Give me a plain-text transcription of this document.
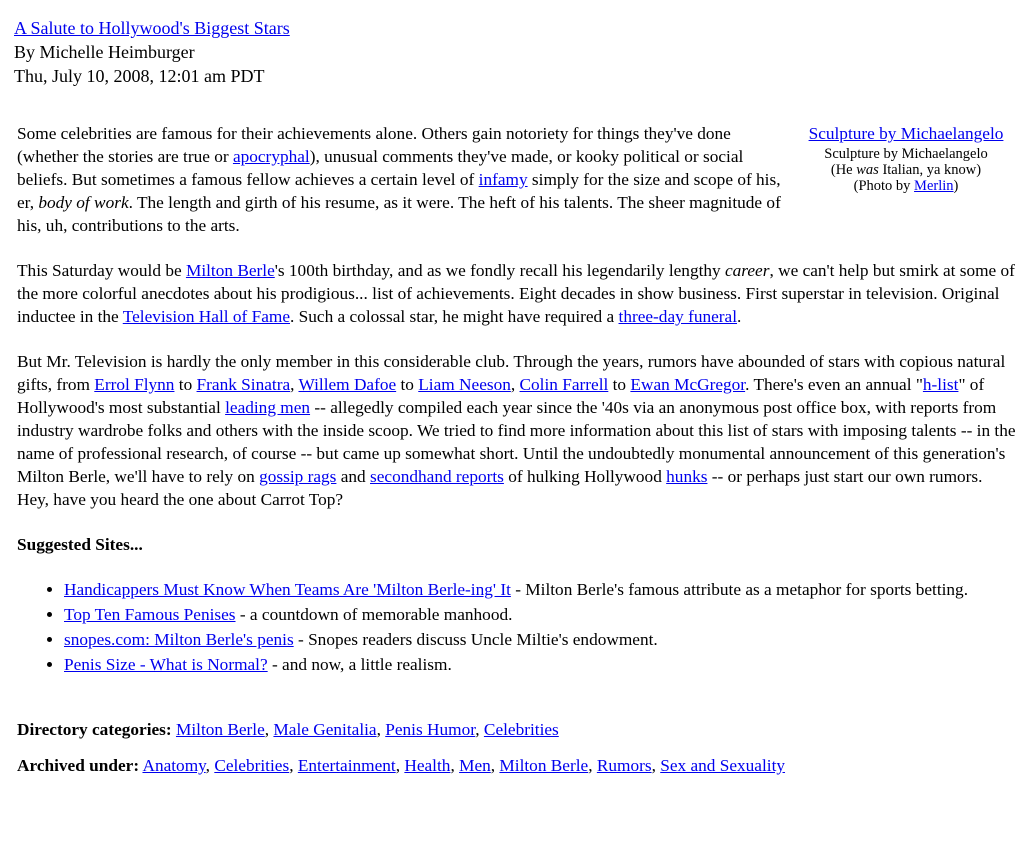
A Salute to Hollywood's Biggest Stars
By Michelle Heimburger
Thu, July 10, 2008, 12:01 am PDT
Sculpture by Michaelangelo
Sculpture by Michaelangelo
(He was Italian, ya know)
(Photo by Merlin)

Some celebrities are famous for their achievements alone. Others gain notoriety for things they've done (whether the stories are true or apocryphal), unusual comments they've made, or kooky political or social beliefs. But sometimes a famous fellow achieves a certain level of infamy simply for the size and scope of his, er, body of work. The length and girth of his resume, as it were. The heft of his talents. The sheer magnitude of his, uh, contributions to the arts.

This Saturday would be Milton Berle's 100th birthday, and as we fondly recall his legendarily lengthy career, we can't help but smirk at some of the more colorful anecdotes about his prodigious... list of achievements. Eight decades in show business. First superstar in television. Original inductee in the Television Hall of Fame. Such a colossal star, he might have required a three-day funeral.

But Mr. Television is hardly the only member in this considerable club. Through the years, rumors have abounded of stars with copious natural gifts, from Errol Flynn to Frank Sinatra, Willem Dafoe to Liam Neeson, Colin Farrell to Ewan McGregor. There's even an annual "h-list" of Hollywood's most substantial leading men -- allegedly compiled each year since the '40s via an anonymous post office box, with reports from industry wardrobe folks and others with the inside scoop. We tried to find more information about this list of stars with imposing talents -- in the name of professional research, of course -- but came up somewhat short. Until the undoubtedly monumental announcement of this generation's Milton Berle, we'll have to rely on gossip rags and secondhand reports of hulking Hollywood hunks -- or perhaps just start our own rumors. Hey, have you heard the one about Carrot Top?

Suggested Sites...
• Handicappers Must Know When Teams Are 'Milton Berle-ing' It - Milton Berle's famous attribute as a metaphor for sports betting.
• Top Ten Famous Penises - a countdown of memorable manhood.
• snopes.com: Milton Berle's penis - Snopes readers discuss Uncle Miltie's endowment.
• Penis Size - What is Normal? - and now, a little realism.
Directory categories: Milton Berle, Male Genitalia, Penis Humor, Celebrities
Archived under: Anatomy, Celebrities, Entertainment, Health, Men, Milton Berle, Rumors, Sex and Sexuality
